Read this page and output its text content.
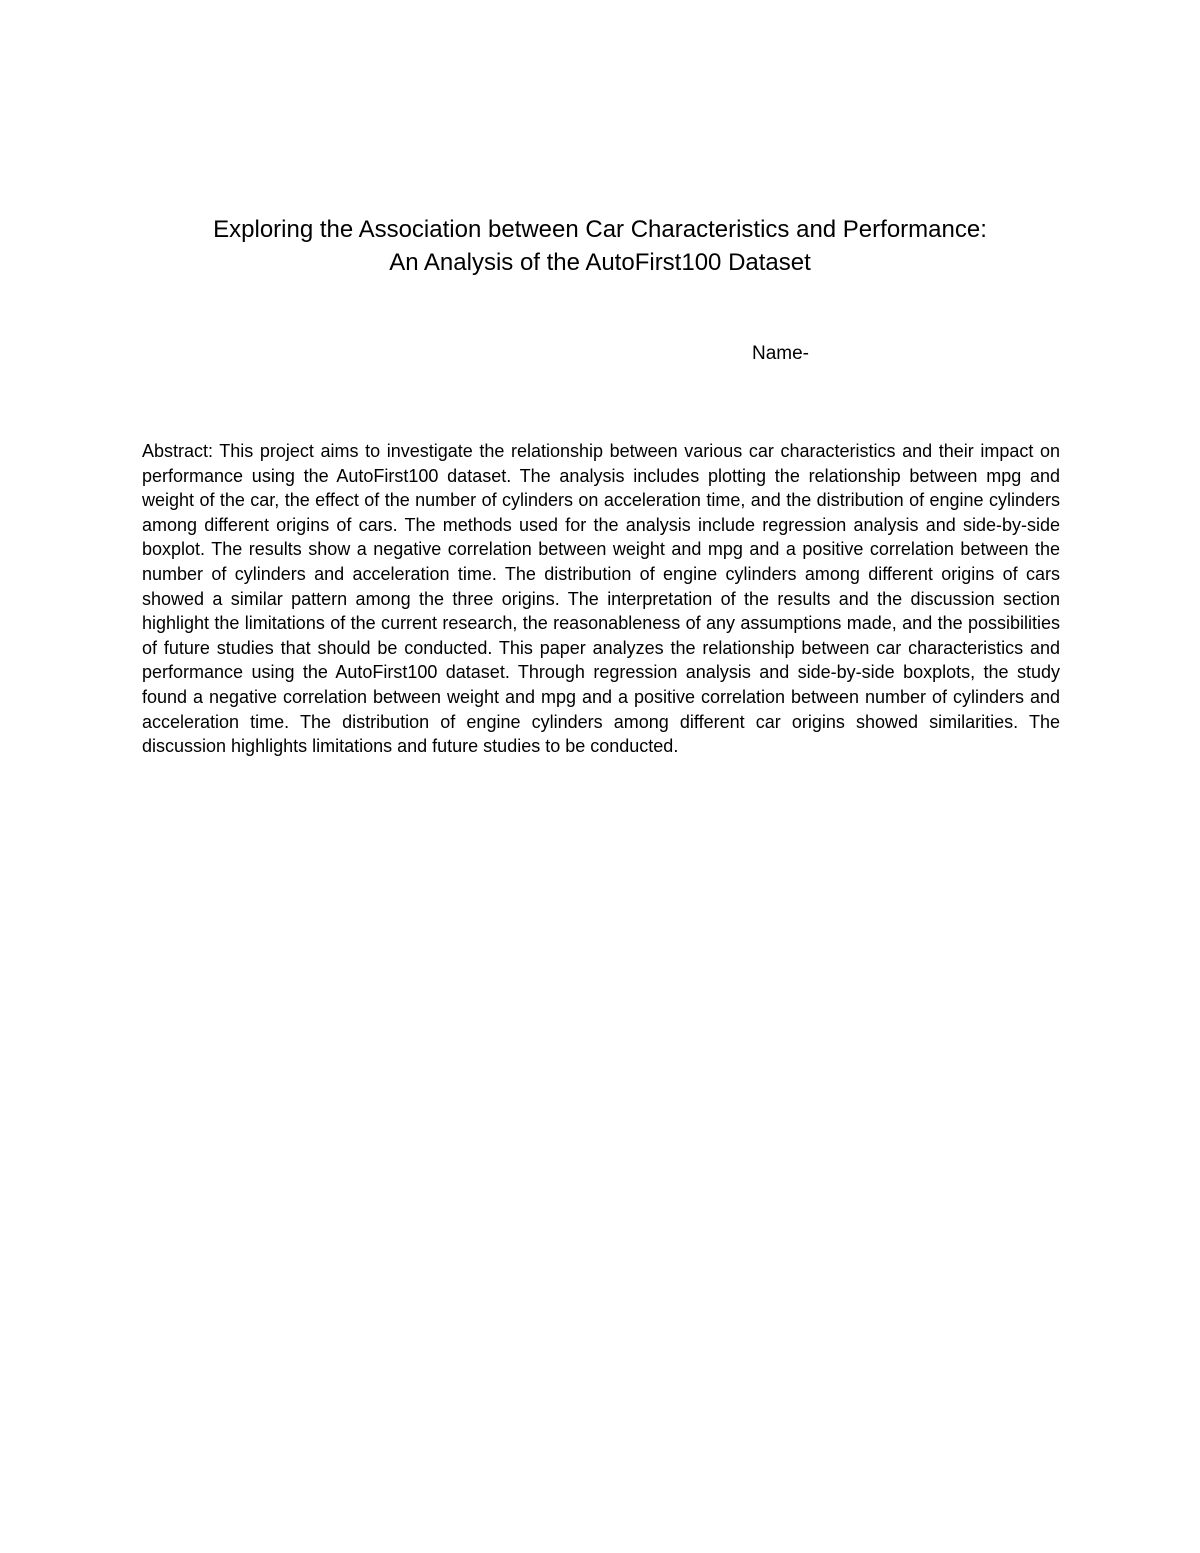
Exploring the Association between Car Characteristics and Performance:
An Analysis of the AutoFirst100 Dataset

Name-

Abstract: This project aims to investigate the relationship between various car characteristics and their impact on performance using the AutoFirst100 dataset. The analysis includes plotting the relationship between mpg and weight of the car, the effect of the number of cylinders on acceleration time, and the distribution of engine cylinders among different origins of cars. The methods used for the analysis include regression analysis and side-by-side boxplot. The results show a negative correlation between weight and mpg and a positive correlation between the number of cylinders and acceleration time. The distribution of engine cylinders among different origins of cars showed a similar pattern among the three origins. The interpretation of the results and the discussion section highlight the limitations of the current research, the reasonableness of any assumptions made, and the possibilities of future studies that should be conducted. This paper analyzes the relationship between car characteristics and performance using the AutoFirst100 dataset. Through regression analysis and side-by-side boxplots, the study found a negative correlation between weight and mpg and a positive correlation between number of cylinders and acceleration time. The distribution of engine cylinders among different car origins showed similarities. The discussion highlights limitations and future studies to be conducted.
